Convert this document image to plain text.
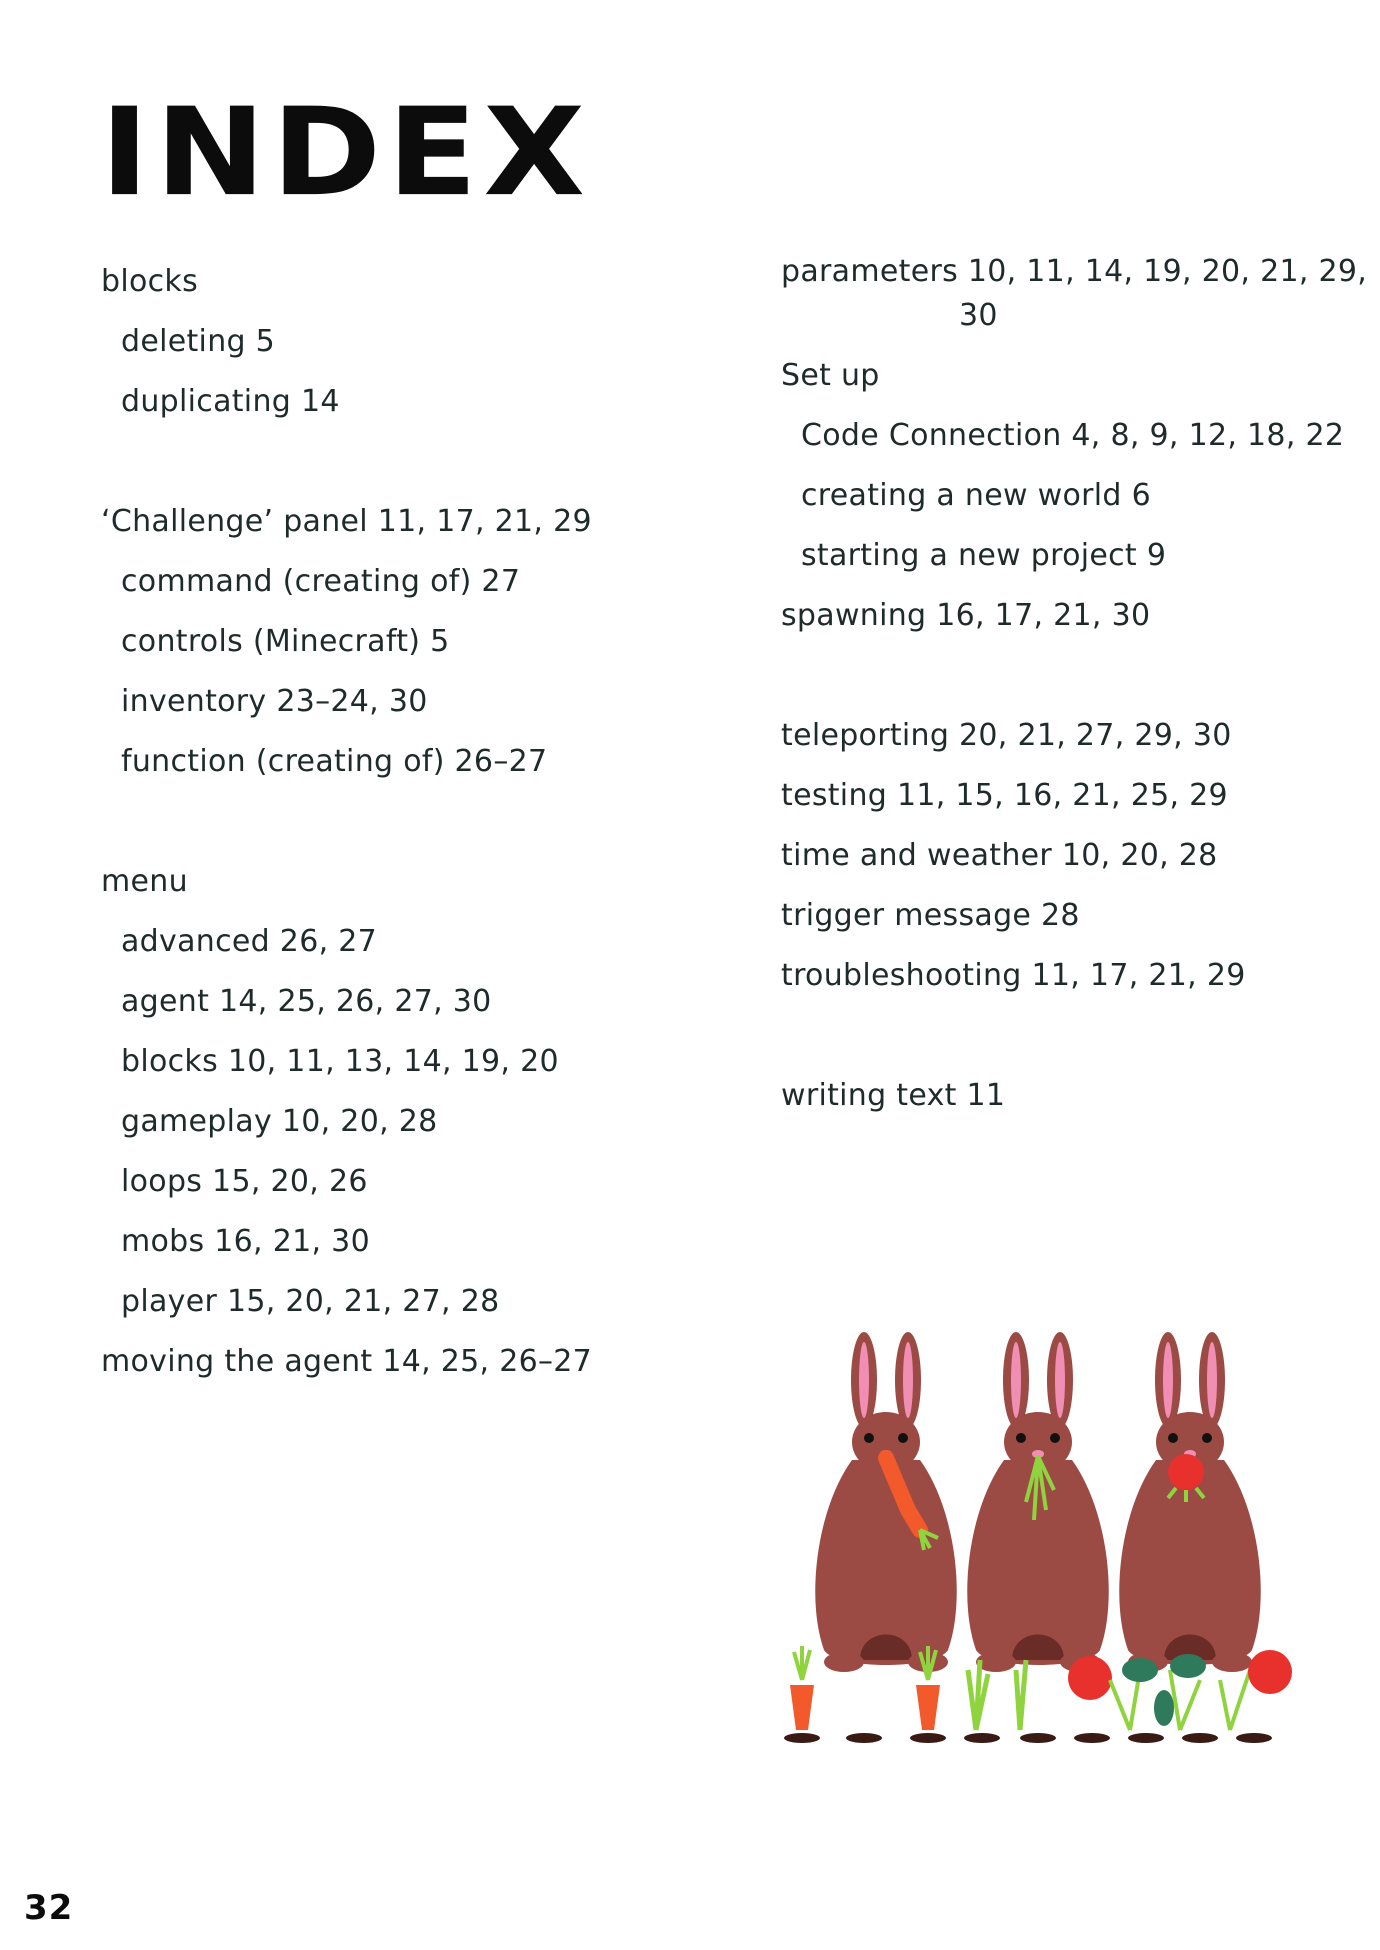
INDEX
blocks
deleting 5
duplicating 14
‘Challenge’ panel 11, 17, 21, 29
command (creating of) 27
controls (Minecraft) 5
inventory 23–24, 30
function (creating of) 26–27
menu
advanced 26, 27
agent 14, 25, 26, 27, 30
blocks 10, 11, 13, 14, 19, 20
gameplay 10, 20, 28
loops 15, 20, 26
mobs 16, 21, 30
player 15, 20, 21, 27, 28
moving the agent 14, 25, 26–27
parameters 10, 11, 14, 19, 20, 21, 29,
30
Set up
Code Connection 4, 8, 9, 12, 18, 22
creating a new world 6
starting a new project 9
spawning 16, 17, 21, 30
teleporting 20, 21, 27, 29, 30
testing 11, 15, 16, 21, 25, 29
time and weather 10, 20, 28
trigger message 28
troubleshooting 11, 17, 21, 29
writing text 11
32
